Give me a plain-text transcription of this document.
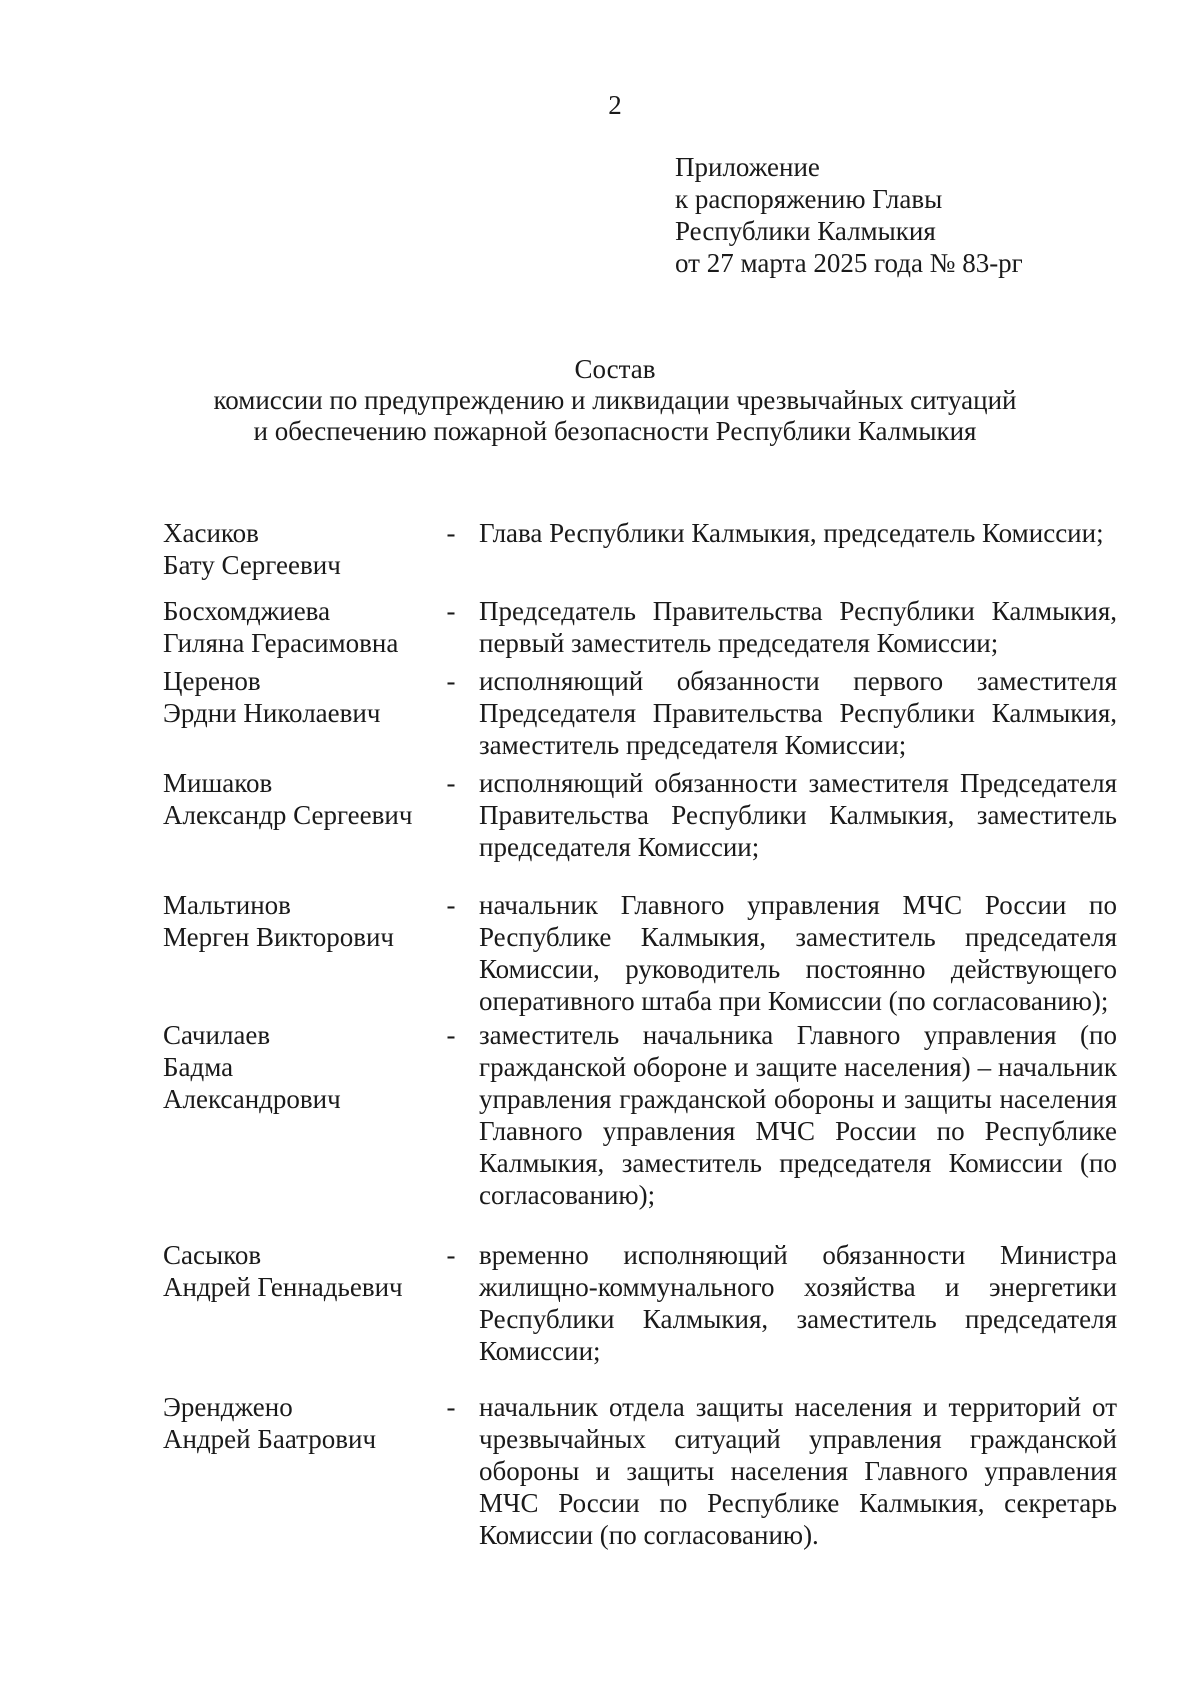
2
Приложение
к распоряжению Главы
Республики Калмыкия
от 27 марта 2025 года № 83-рг
Состав
комиссии по предупреждению и ликвидации чрезвычайных ситуаций
и обеспечению пожарной безопасности Республики Калмыкия
Хасиков
Бату Сергеевич
- Глава Республики Калмыкия, председатель Комиссии;
Босхомджиева
Гиляна Герасимовна
- Председатель Правительства Республики Калмыкия, первый заместитель председателя Комиссии;
Церенов
Эрдни Николаевич
- исполняющий обязанности первого заместителя Председателя Правительства Республики Калмыкия, заместитель председателя Комиссии;
Мишаков
Александр Сергеевич
- исполняющий обязанности заместителя Председателя Правительства Республики Калмыкия, заместитель председателя Комиссии;
Мальтинов
Мерген Викторович
- начальник Главного управления МЧС России по Республике Калмыкия, заместитель председателя Комиссии, руководитель постоянно действующего оперативного штаба при Комиссии (по согласованию);
Сачилаев
Бадма
Александрович
- заместитель начальника Главного управления (по гражданской обороне и защите населения) – начальник управления гражданской обороны и защиты населения Главного управления МЧС России по Республике Калмыкия, заместитель председателя Комиссии (по согласованию);
Сасыков
Андрей Геннадьевич
- временно исполняющий обязанности Министра жилищно-коммунального хозяйства и энергетики Республики Калмыкия, заместитель председателя Комиссии;
Эренджено
Андрей Баатрович
- начальник отдела защиты населения и территорий от чрезвычайных ситуаций управления гражданской обороны и защиты населения Главного управления МЧС России по Республике Калмыкия, секретарь Комиссии (по согласованию).
